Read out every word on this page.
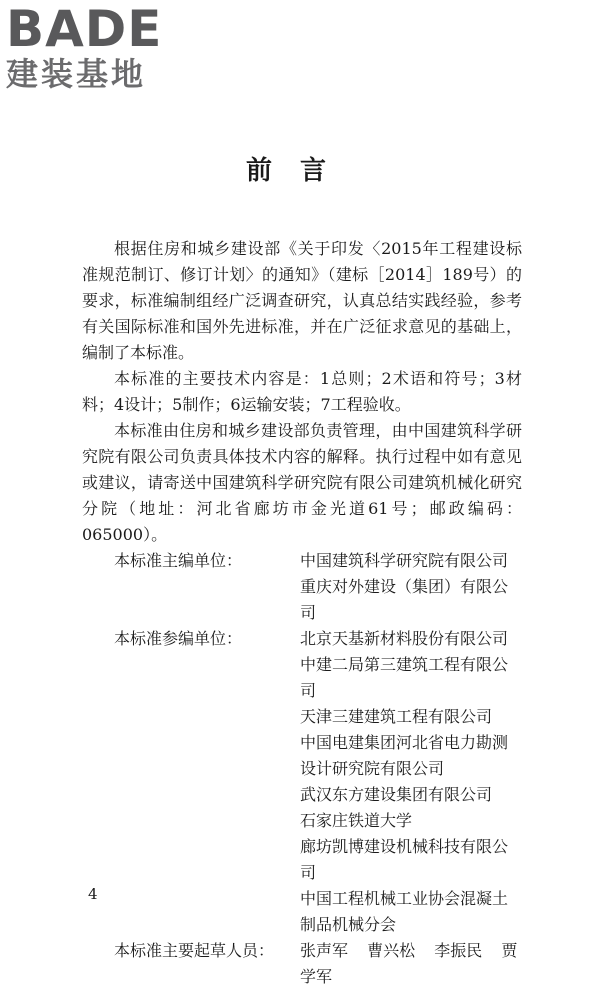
BADE
建装基地
前言

根据住房和城乡建设部《关于印发〈2015年工程建设标准规范制订、修订计划〉的通知》（建标［2014］189号）的要求，标准编制组经广泛调查研究，认真总结实践经验，参考有关国际标准和国外先进标准，并在广泛征求意见的基础上，编制了本标准。

本标准的主要技术内容是：1总则；2术语和符号；3材料；4设计；5制作；6运输安装；7工程验收。

本标准由住房和城乡建设部负责管理，由中国建筑科学研究院有限公司负责具体技术内容的解释。执行过程中如有意见或建议，请寄送中国建筑科学研究院有限公司建筑机械化研究分院（地址：河北省廊坊市金光道61号；邮政编码：065000）。

本标准主编单位：	中国建筑科学研究院有限公司
	重庆对外建设（集团）有限公司
本标准参编单位：	北京天基新材料股份有限公司
	中建二局第三建筑工程有限公司
	天津三建建筑工程有限公司
	中国电建集团河北省电力勘测设计研究院有限公司
	武汉东方建设集团有限公司
	石家庄铁道大学
	廊坊凯博建设机械科技有限公司
	中国工程机械工业协会混凝土制品机械分会
本标准主要起草人员：	张声军 曹兴松 李振民 贾学军
4
